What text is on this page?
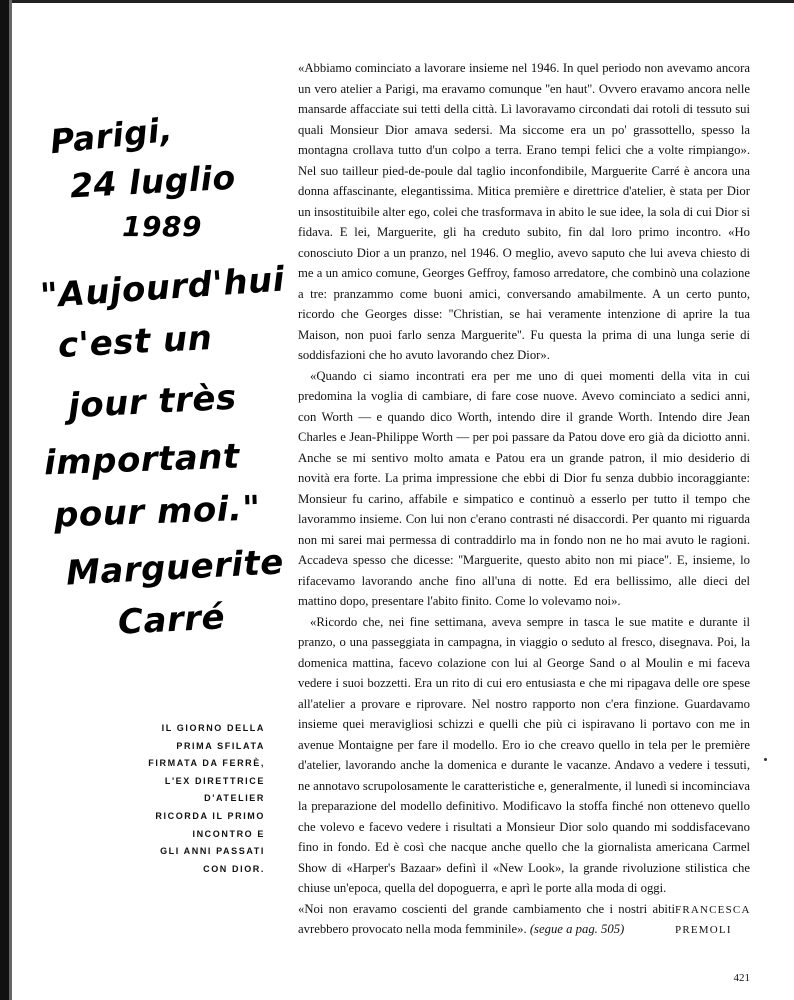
Parigi,
24 luglio
1989
"Aujourd'hui
c'est un
jour très
important
pour moi."
Marguerite
Carré
IL GIORNO DELLA
PRIMA SFILATA
FIRMATA DA FERRÈ,
L'EX DIRETTRICE
D'ATELIER
RICORDA IL PRIMO
INCONTRO E
GLI ANNI PASSATI
CON DIOR.

«Abbiamo cominciato a lavorare insieme nel 1946. In quel periodo non avevamo ancora un vero atelier a Parigi, ma eravamo comunque ''en haut''. Ovvero eravamo ancora nelle mansarde affacciate sui tetti della città. Lì lavoravamo circondati dai rotoli di tessuto sui quali Monsieur Dior amava sedersi. Ma siccome era un po' grassottello, spesso la montagna crollava tutto d'un colpo a terra. Erano tempi felici che a volte rimpiango». Nel suo tailleur pied-de-poule dal taglio inconfondibile, Marguerite Carré è ancora una donna affascinante, elegantissima. Mitica première e direttrice d'atelier, è stata per Dior un insostituibile alter ego, colei che trasformava in abito le sue idee, la sola di cui Dior si fidava. E lei, Marguerite, gli ha creduto subito, fin dal loro primo incontro. «Ho conosciuto Dior a un pranzo, nel 1946. O meglio, avevo saputo che lui aveva chiesto di me a un amico comune, Georges Geffroy, famoso arredatore, che combinò una colazione a tre: pranzammo come buoni amici, conversando amabilmente. A un certo punto, ricordo che Georges disse: ''Christian, se hai veramente intenzione di aprire la tua Maison, non puoi farlo senza Marguerite''. Fu questa la prima di una lunga serie di soddisfazioni che ho avuto lavorando chez Dior».

«Quando ci siamo incontrati era per me uno di quei momenti della vita in cui predomina la voglia di cambiare, di fare cose nuove. Avevo cominciato a sedici anni, con Worth — e quando dico Worth, intendo dire il grande Worth. Intendo dire Jean Charles e Jean-Philippe Worth — per poi passare da Patou dove ero già da diciotto anni. Anche se mi sentivo molto amata e Patou era un grande patron, il mio desiderio di novità era forte. La prima impressione che ebbi di Dior fu senza dubbio incoraggiante: Monsieur fu carino, affabile e simpatico e continuò a esserlo per tutto il tempo che lavorammo insieme. Con lui non c'erano contrasti né disaccordi. Per quanto mi riguarda non mi sarei mai permessa di contraddirlo ma in fondo non ne ho mai avuto le ragioni. Accadeva spesso che dicesse: ''Marguerite, questo abito non mi piace''. E, insieme, lo rifacevamo lavorando anche fino all'una di notte. Ed era bellissimo, alle dieci del mattino dopo, presentare l'abito finito. Come lo volevamo noi».

«Ricordo che, nei fine settimana, aveva sempre in tasca le sue matite e durante il pranzo, o una passeggiata in campagna, in viaggio o seduto al fresco, disegnava. Poi, la domenica mattina, facevo colazione con lui al George Sand o al Moulin e mi faceva vedere i suoi bozzetti. Era un rito di cui ero entusiasta e che mi ripagava delle ore spese all'atelier a provare e riprovare. Nel nostro rapporto non c'era finzione. Guardavamo insieme quei meravigliosi schizzi e quelli che più ci ispiravano li portavo con me in avenue Montaigne per fare il modello. Ero io che creavo quello in tela per le première d'atelier, lavorando anche la domenica e durante le vacanze. Andavo a vedere i tessuti, ne annotavo scrupolosamente le caratteristiche e, generalmente, il lunedì si incominciava la preparazione del modello definitivo. Modificavo la stoffa finché non ottenevo quello che volevo e facevo vedere i risultati a Monsieur Dior solo quando mi soddisfacevano fino in fondo. Ed è così che nacque anche quello che la giornalista americana Carmel Show di «Harper's Bazaar» definì il «New Look», la grande rivoluzione stilistica che chiuse un'epoca, quella del dopoguerra, e aprì le porte alla moda di oggi.

«Noi non eravamo coscienti del grande cambiamento che i nostri abiti avrebbero provocato nella moda femminile». (segue a pag. 505)
FRANCESCA PREMOLI
421
